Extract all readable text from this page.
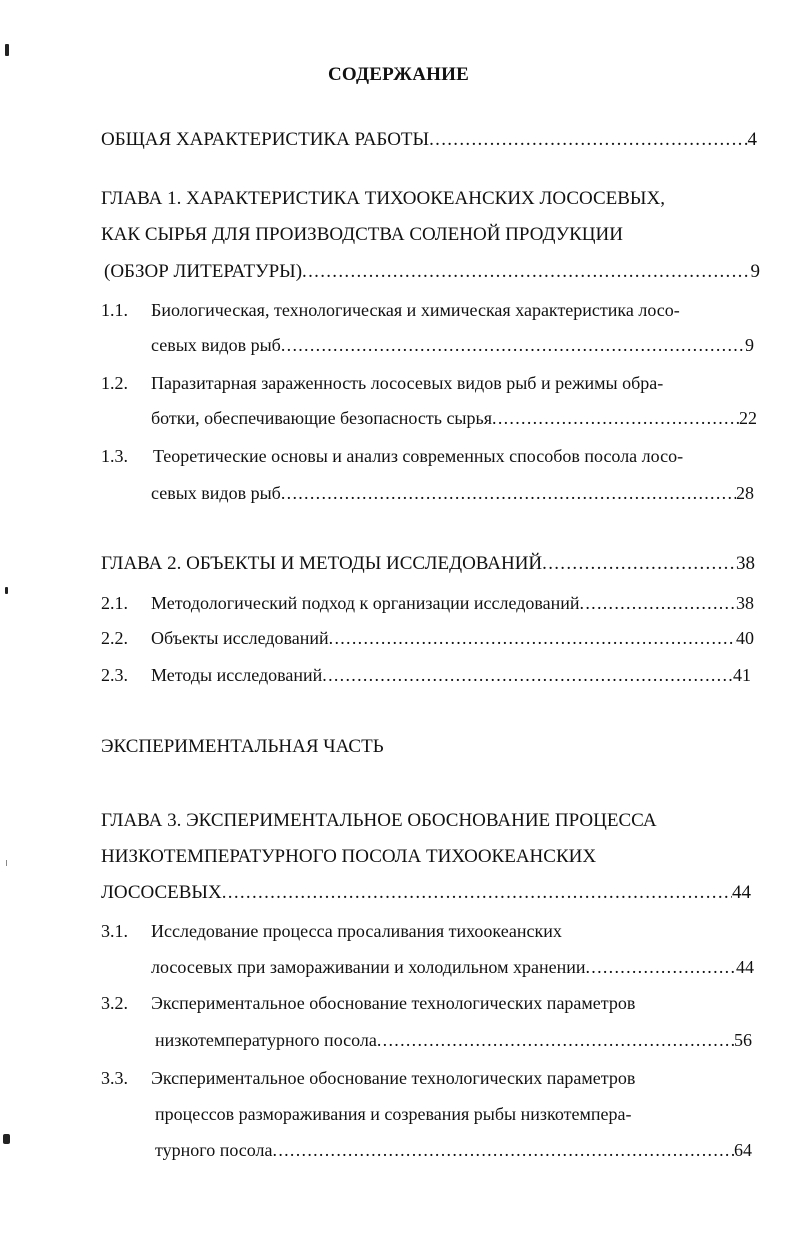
СОДЕРЖАНИЕ
ОБЩАЯ ХАРАКТЕРИСТИКА РАБОТЫ .....	4
ГЛАВА 1. ХАРАКТЕРИСТИКА ТИХООКЕАНСКИХ ЛОСОСЕВЫХ,
КАК СЫРЬЯ ДЛЯ ПРОИЗВОДСТВА СОЛЕНОЙ ПРОДУКЦИИ
(ОБЗОР ЛИТЕРАТУРЫ) .....	9
1.1. Биологическая, технологическая и химическая характеристика лосо-
севых видов рыб .....	9
1.2. Паразитарная зараженность лососевых видов рыб и режимы обра-
ботки, обеспечивающие безопасность сырья .....	22
1.3. Теоретические основы и анализ современных способов посола лосо-
севых видов рыб .....	28
ГЛАВА 2. ОБЪЕКТЫ И МЕТОДЫ ИССЛЕДОВАНИЙ .....	38
2.1. Методологический подход к организации исследований .....	38
2.2. Объекты исследований .....	40
2.3. Методы исследований .....	41
ЭКСПЕРИМЕНТАЛЬНАЯ ЧАСТЬ
ГЛАВА 3. ЭКСПЕРИМЕНТАЛЬНОЕ ОБОСНОВАНИЕ ПРОЦЕССА
НИЗКОТЕМПЕРАТУРНОГО ПОСОЛА ТИХООКЕАНСКИХ
ЛОСОСЕВЫХ .....	44
3.1. Исследование процесса просаливания тихоокеанских
лососевых при замораживании и холодильном хранении .....	44
3.2. Экспериментальное обоснование технологических параметров
низкотемпературного посола .....	56
3.3. Экспериментальное обоснование технологических параметров
процессов размораживания и созревания рыбы низкотемпера-
турного посола .....	64
